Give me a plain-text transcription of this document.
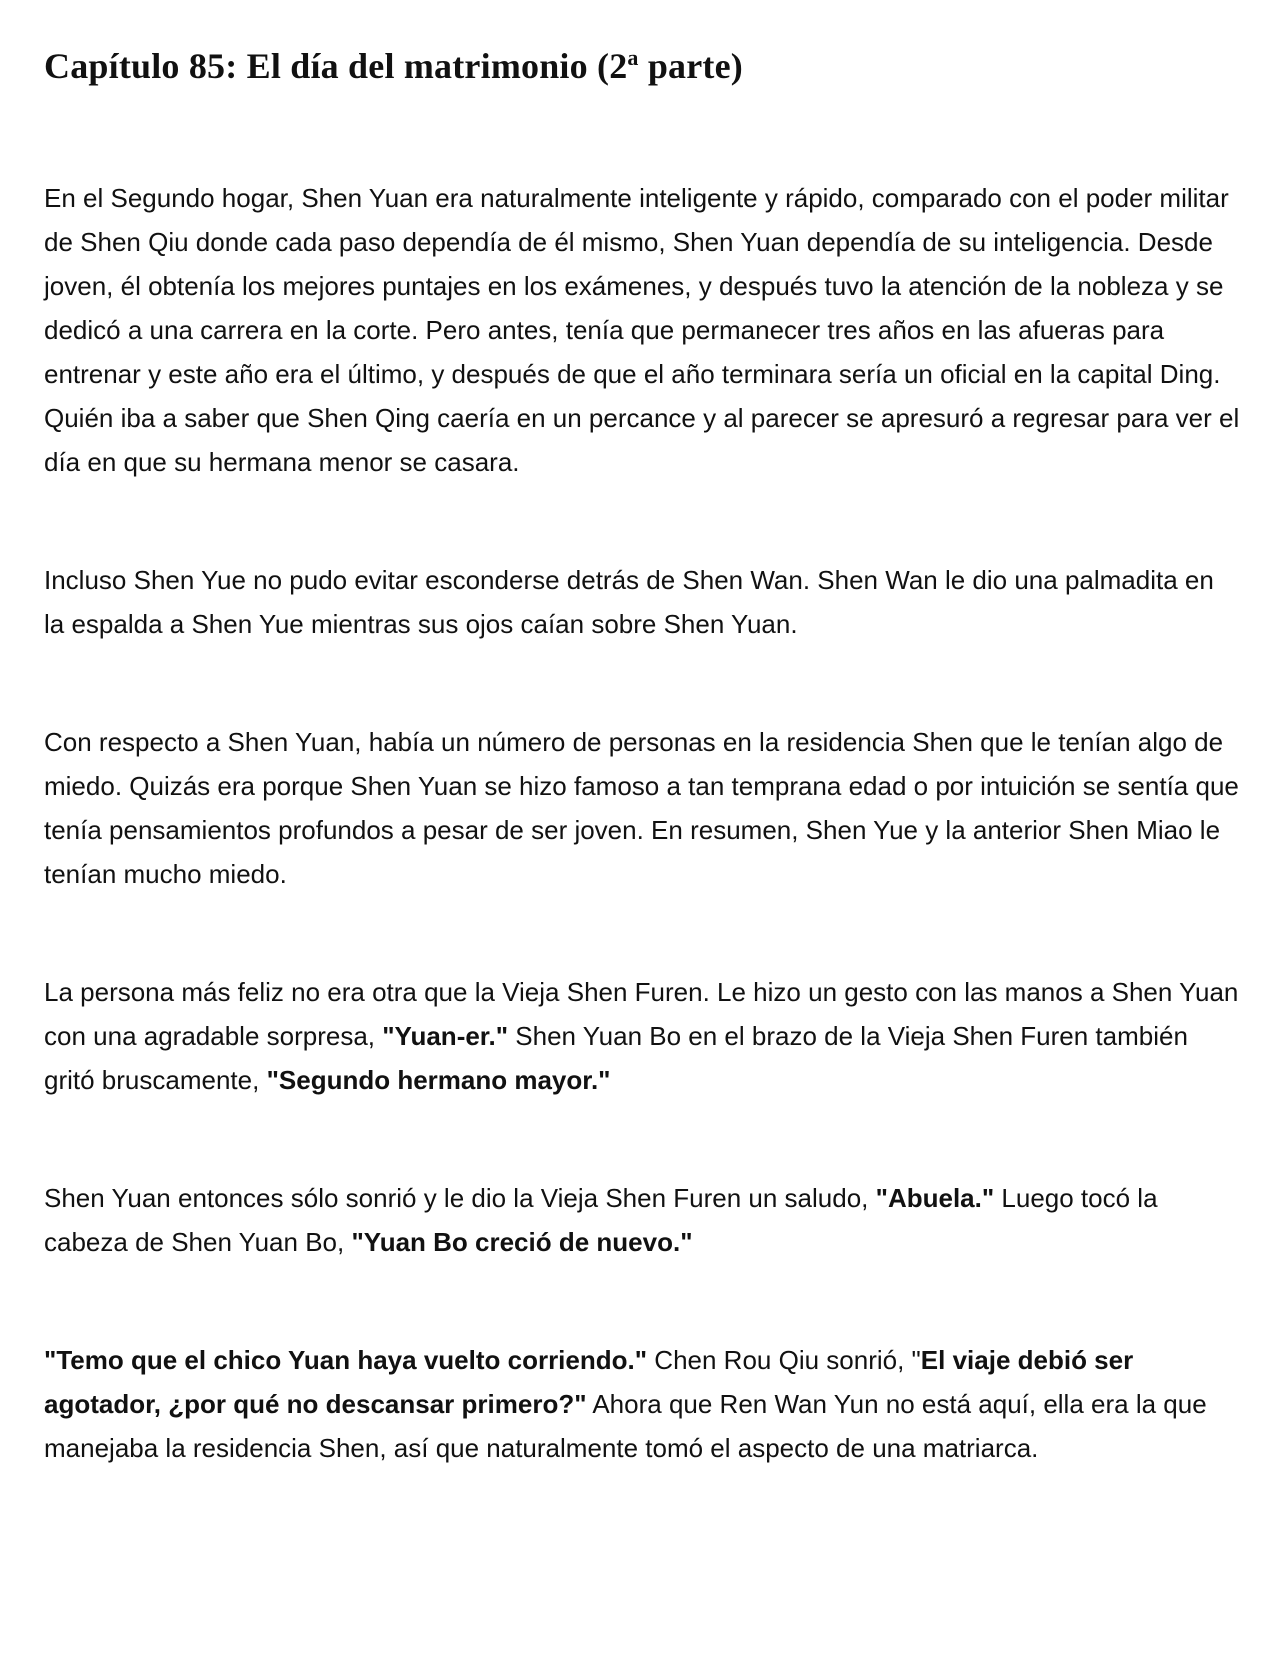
Capítulo 85: El día del matrimonio (2$^a$ parte)

En el Segundo hogar, Shen Yuan era naturalmente inteligente y rápido, comparado con el poder militar de Shen Qiu donde cada paso dependía de él mismo, Shen Yuan dependía de su inteligencia. Desde joven, él obtenía los mejores puntajes en los exámenes, y después tuvo la atención de la nobleza y se dedicó a una carrera en la corte. Pero antes, tenía que permanecer tres años en las afueras para entrenar y este año era el último, y después de que el año terminara sería un oficial en la capital Ding. Quién iba a saber que Shen Qing caería en un percance y al parecer se apresuró a regresar para ver el día en que su hermana menor se casara.

Incluso Shen Yue no pudo evitar esconderse detrás de Shen Wan. Shen Wan le dio una palmadita en la espalda a Shen Yue mientras sus ojos caían sobre Shen Yuan.

Con respecto a Shen Yuan, había un número de personas en la residencia Shen que le tenían algo de miedo. Quizás era porque Shen Yuan se hizo famoso a tan temprana edad o por intuición se sentía que tenía pensamientos profundos a pesar de ser joven. En resumen, Shen Yue y la anterior Shen Miao le tenían mucho miedo.

La persona más feliz no era otra que la Vieja Shen Furen. Le hizo un gesto con las manos a Shen Yuan con una agradable sorpresa, "Yuan-er." Shen Yuan Bo en el brazo de la Vieja Shen Furen también gritó bruscamente, "Segundo hermano mayor."

Shen Yuan entonces sólo sonrió y le dio la Vieja Shen Furen un saludo, "Abuela." Luego tocó la cabeza de Shen Yuan Bo, "Yuan Bo creció de nuevo."

"Temo que el chico Yuan haya vuelto corriendo." Chen Rou Qiu sonrió, "El viaje debió ser agotador, ¿por qué no descansar primero?" Ahora que Ren Wan Yun no está aquí, ella era la que manejaba la residencia Shen, así que naturalmente tomó el aspecto de una matriarca.
